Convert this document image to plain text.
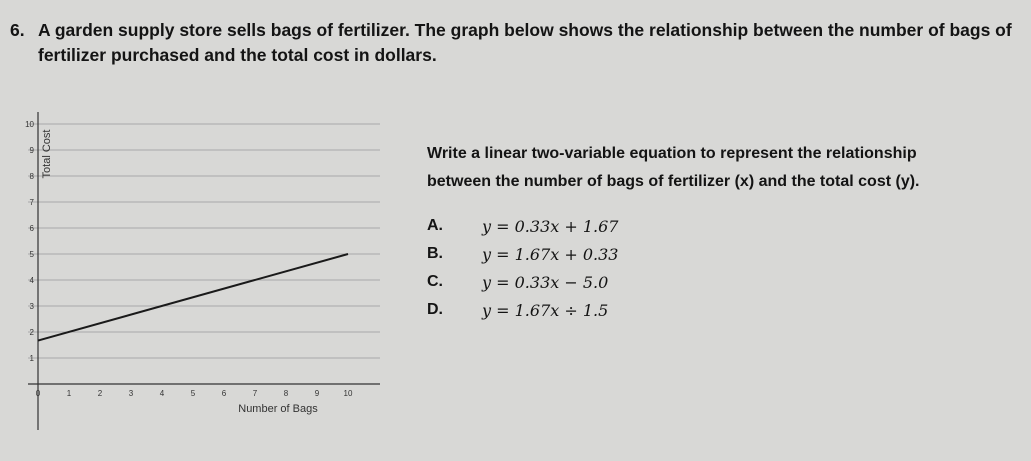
6. A garden supply store sells bags of fertilizer. The graph below shows the relationship between the number of bags of
fertilizer purchased and the total cost in dollars.
0	1	2	3	4	5	6	7	8	9	10
1
2
3
4
5
6
7
8
9
10
Number of Bags
Total Cost	Write a linear two-variable equation to represent the relationship
between the number of bags of fertilizer (x) and the total cost (y).
A.	y = 0.33x + 1.67
B.	y = 1.67x + 0.33
C.	y = 0.33x − 5.0
D.	y = 1.67x ÷ 1.5
